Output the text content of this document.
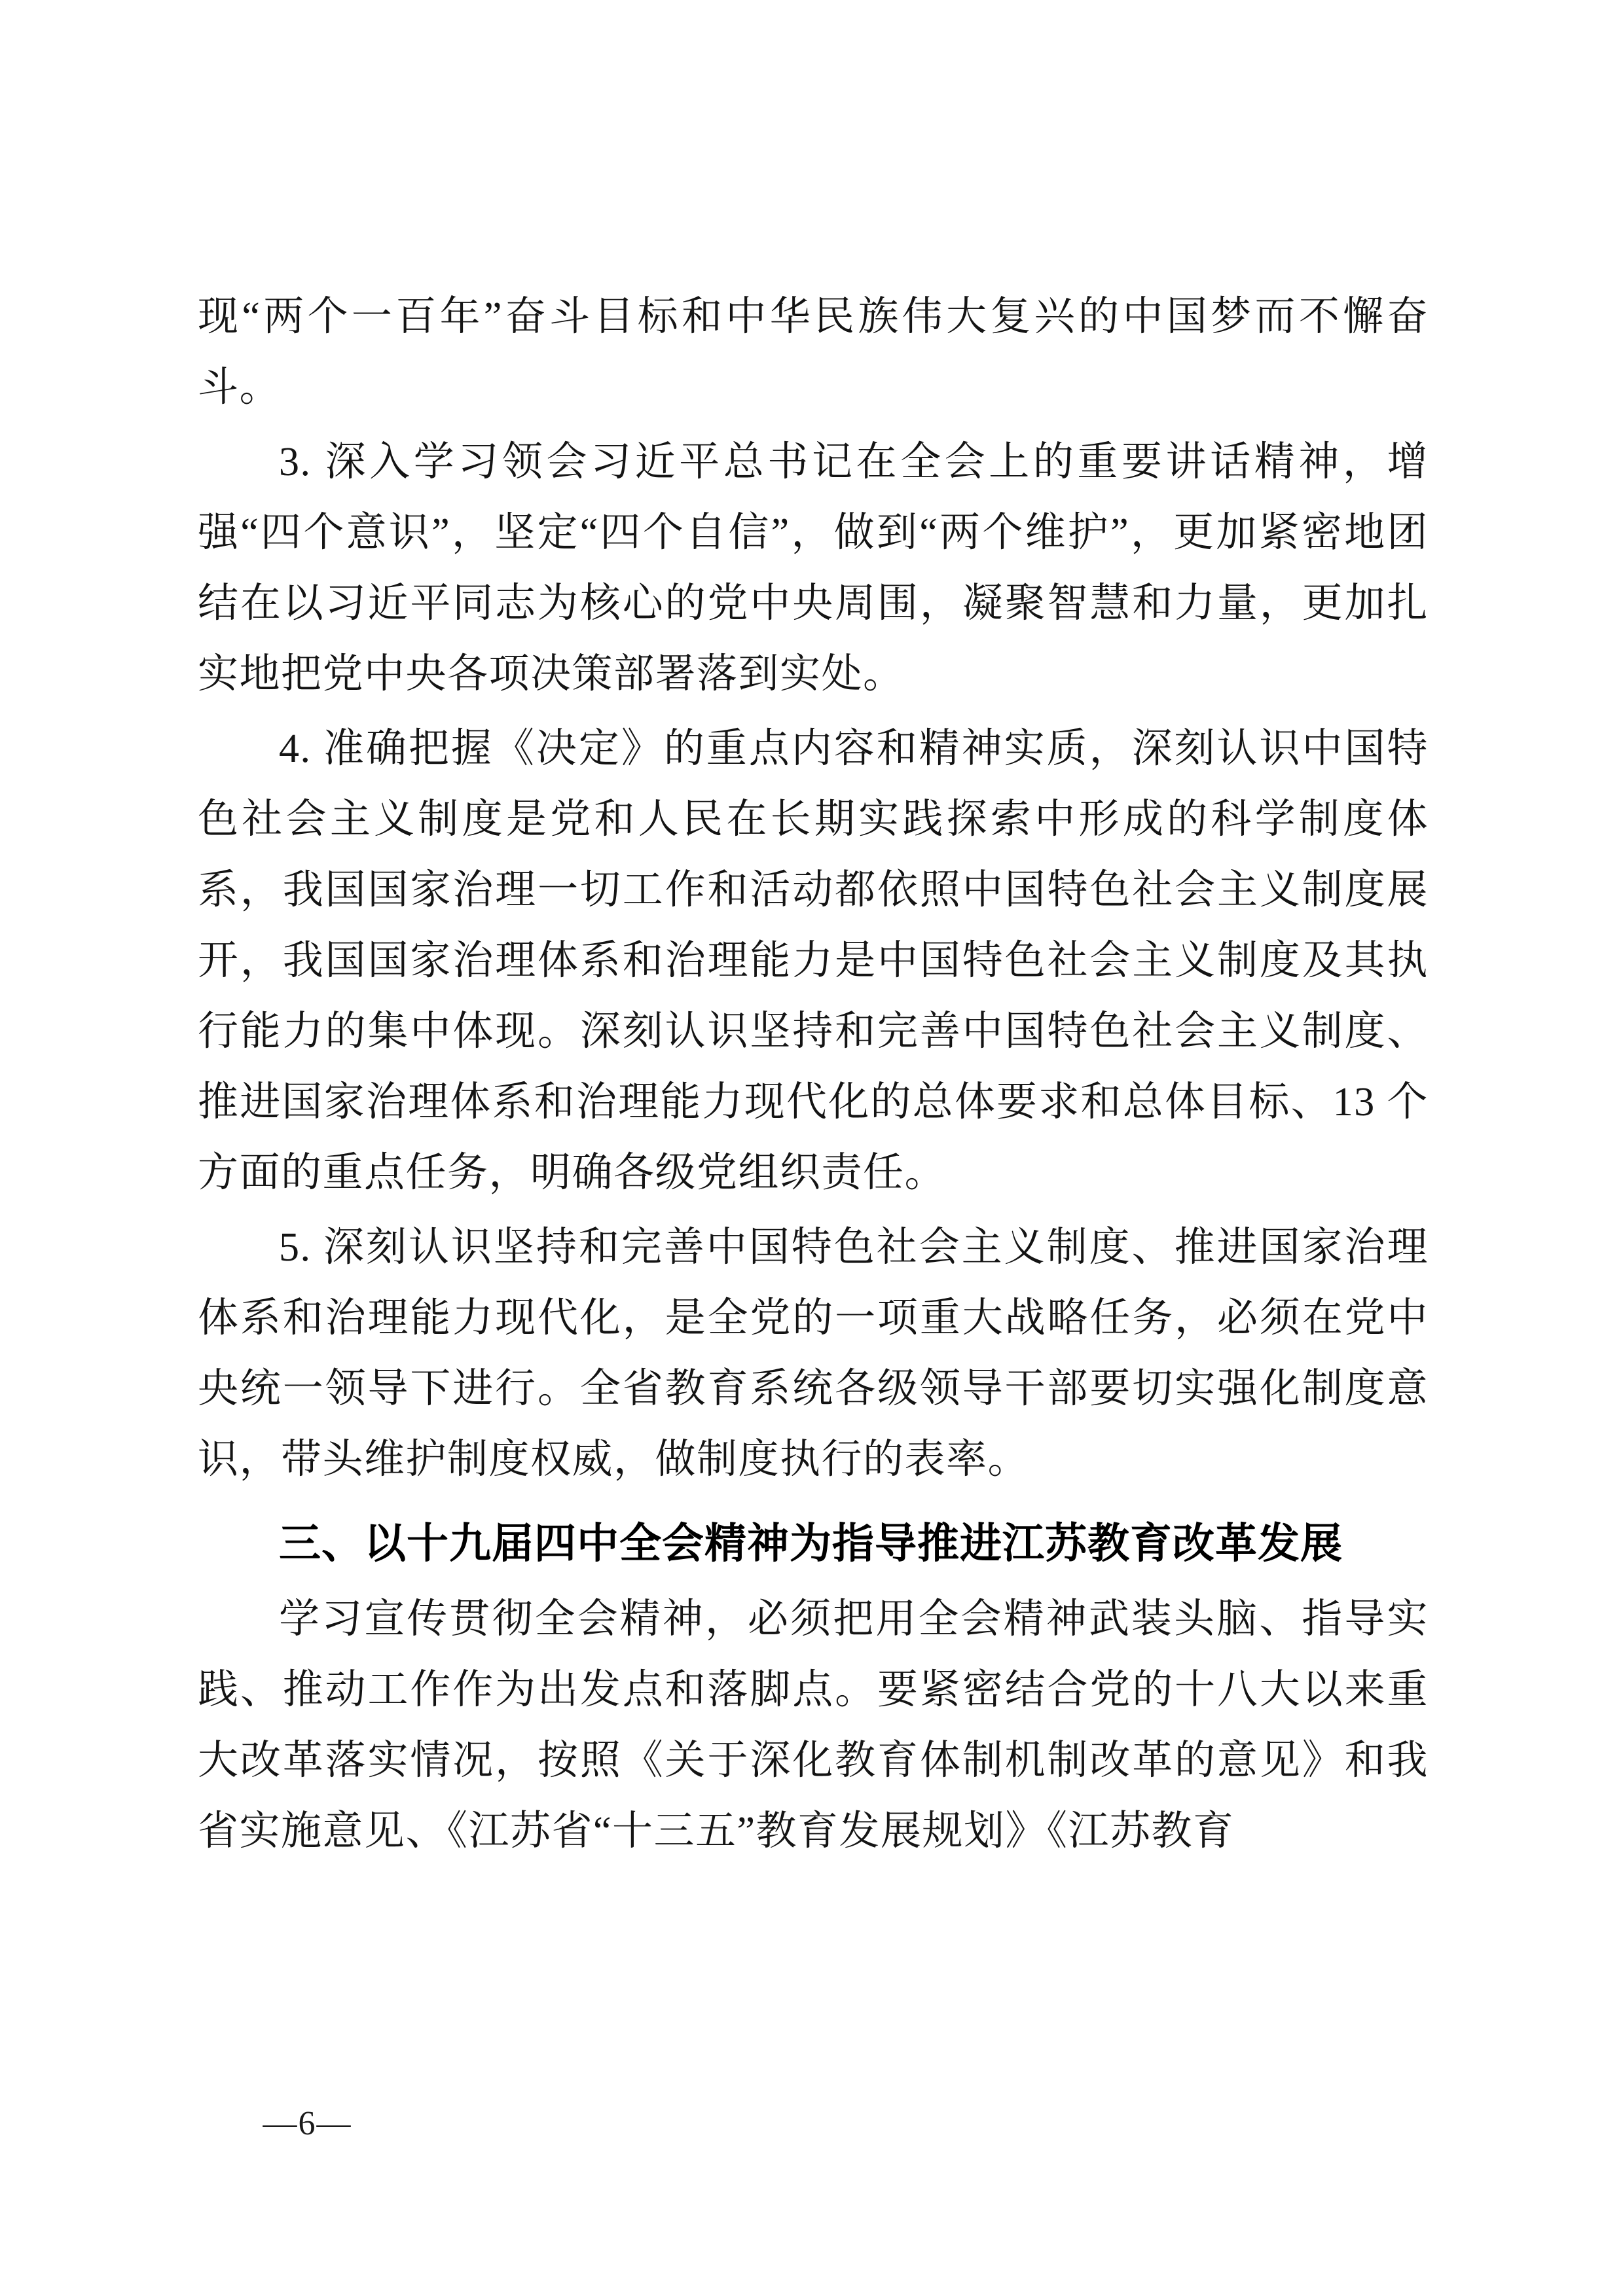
现“两个一百年”奋斗目标和中华民族伟大复兴的中国梦而不懈奋斗。

3. 深入学习领会习近平总书记在全会上的重要讲话精神，增强“四个意识”，坚定“四个自信”，做到“两个维护”，更加紧密地团结在以习近平同志为核心的党中央周围，凝聚智慧和力量，更加扎实地把党中央各项决策部署落到实处。

4. 准确把握《决定》的重点内容和精神实质，深刻认识中国特色社会主义制度是党和人民在长期实践探索中形成的科学制度体系，我国国家治理一切工作和活动都依照中国特色社会主义制度展开，我国国家治理体系和治理能力是中国特色社会主义制度及其执行能力的集中体现。深刻认识坚持和完善中国特色社会主义制度、推进国家治理体系和治理能力现代化的总体要求和总体目标、13 个方面的重点任务，明确各级党组织责任。

5. 深刻认识坚持和完善中国特色社会主义制度、推进国家治理体系和治理能力现代化，是全党的一项重大战略任务，必须在党中央统一领导下进行。全省教育系统各级领导干部要切实强化制度意识，带头维护制度权威，做制度执行的表率。

三、以十九届四中全会精神为指导推进江苏教育改革发展

学习宣传贯彻全会精神，必须把用全会精神武装头脑、指导实践、推动工作作为出发点和落脚点。要紧密结合党的十八大以来重大改革落实情况，按照《关于深化教育体制机制改革的意见》和我省实施意见、《江苏省“十三五”教育发展规划》《江苏教育

—6—
